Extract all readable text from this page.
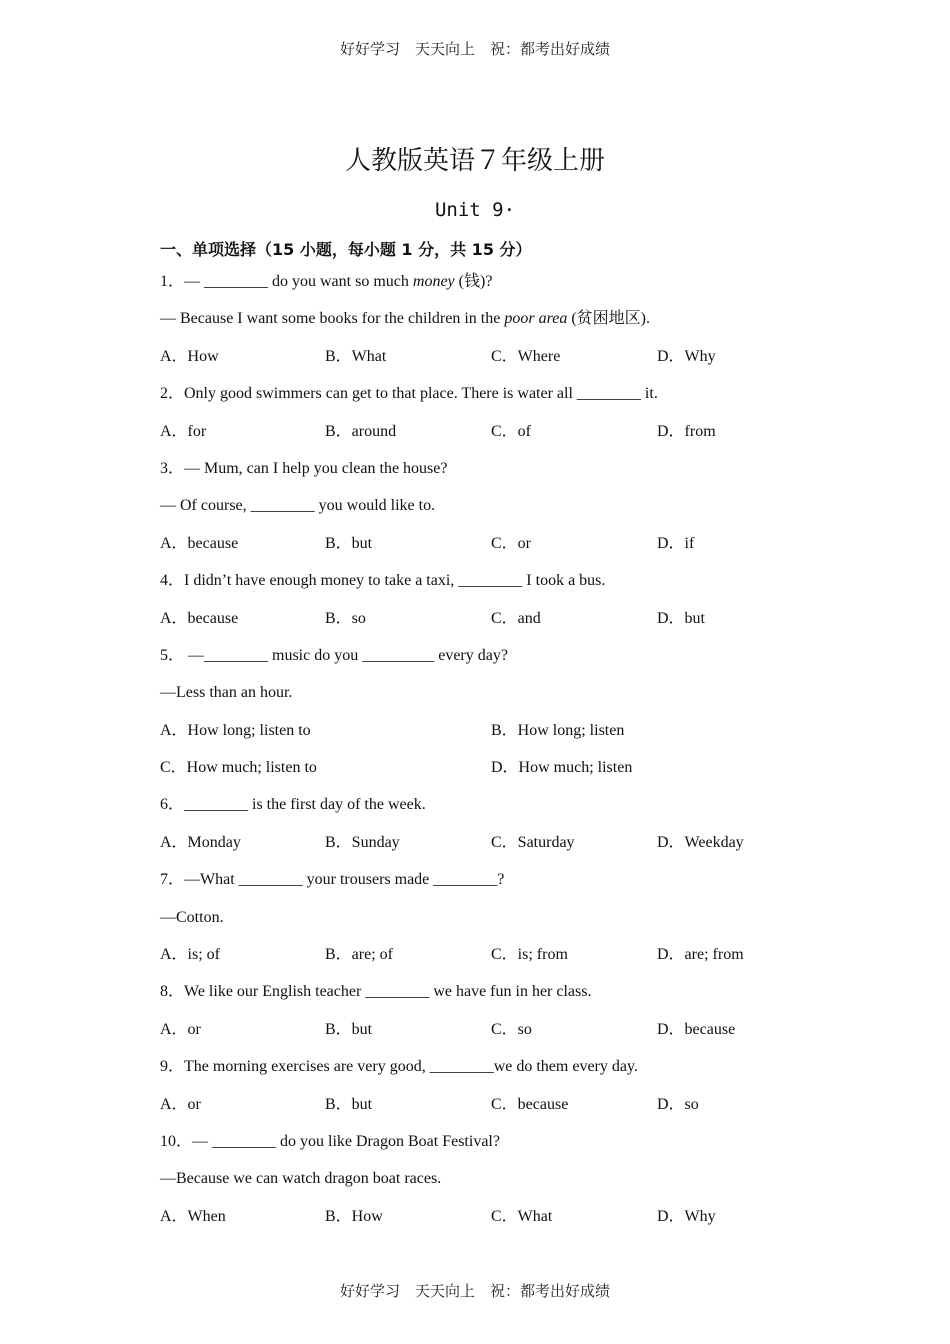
好好学习　天天向上　祝：都考出好成绩
人教版英语７年级上册
Unit 9·
一、单项选择（15 小题，每小题 1 分，共 15 分）
1．— ________ do you want so much money (钱)?
— Because I want some books for the children in the poor area (贫困地区).
A．How	B．What	C．Where	D．Why
2．Only good swimmers can get to that place. There is water all ________ it.
A．for	B．around	C．of	D．from
3．— Mum, can I help you clean the house?
— Of course, ________ you would like to.
A．because	B．but	C．or	D．if
4．I didn’t have enough money to take a taxi, ________ I took a bus.
A．because	B．so	C．and	D．but
5． —________ music do you _________ every day?
—Less than an hour.
A．How long; listen to	B．How long; listen
C．How much; listen to	D．How much; listen
6．________ is the first day of the week.
A．Monday	B．Sunday	C．Saturday	D．Weekday
7．—What ________ your trousers made ________?
—Cotton.
A．is; of	B．are; of	C．is; from	D．are; from
8．We like our English teacher ________ we have fun in her class.
A．or	B．but	C．so	D．because
9．The morning exercises are very good, ________we do them every day.
A．or	B．but	C．because	D．so
10．— ________ do you like Dragon Boat Festival?
—Because we can watch dragon boat races.
A．When	B．How	C．What	D．Why
好好学习　天天向上　祝：都考出好成绩
